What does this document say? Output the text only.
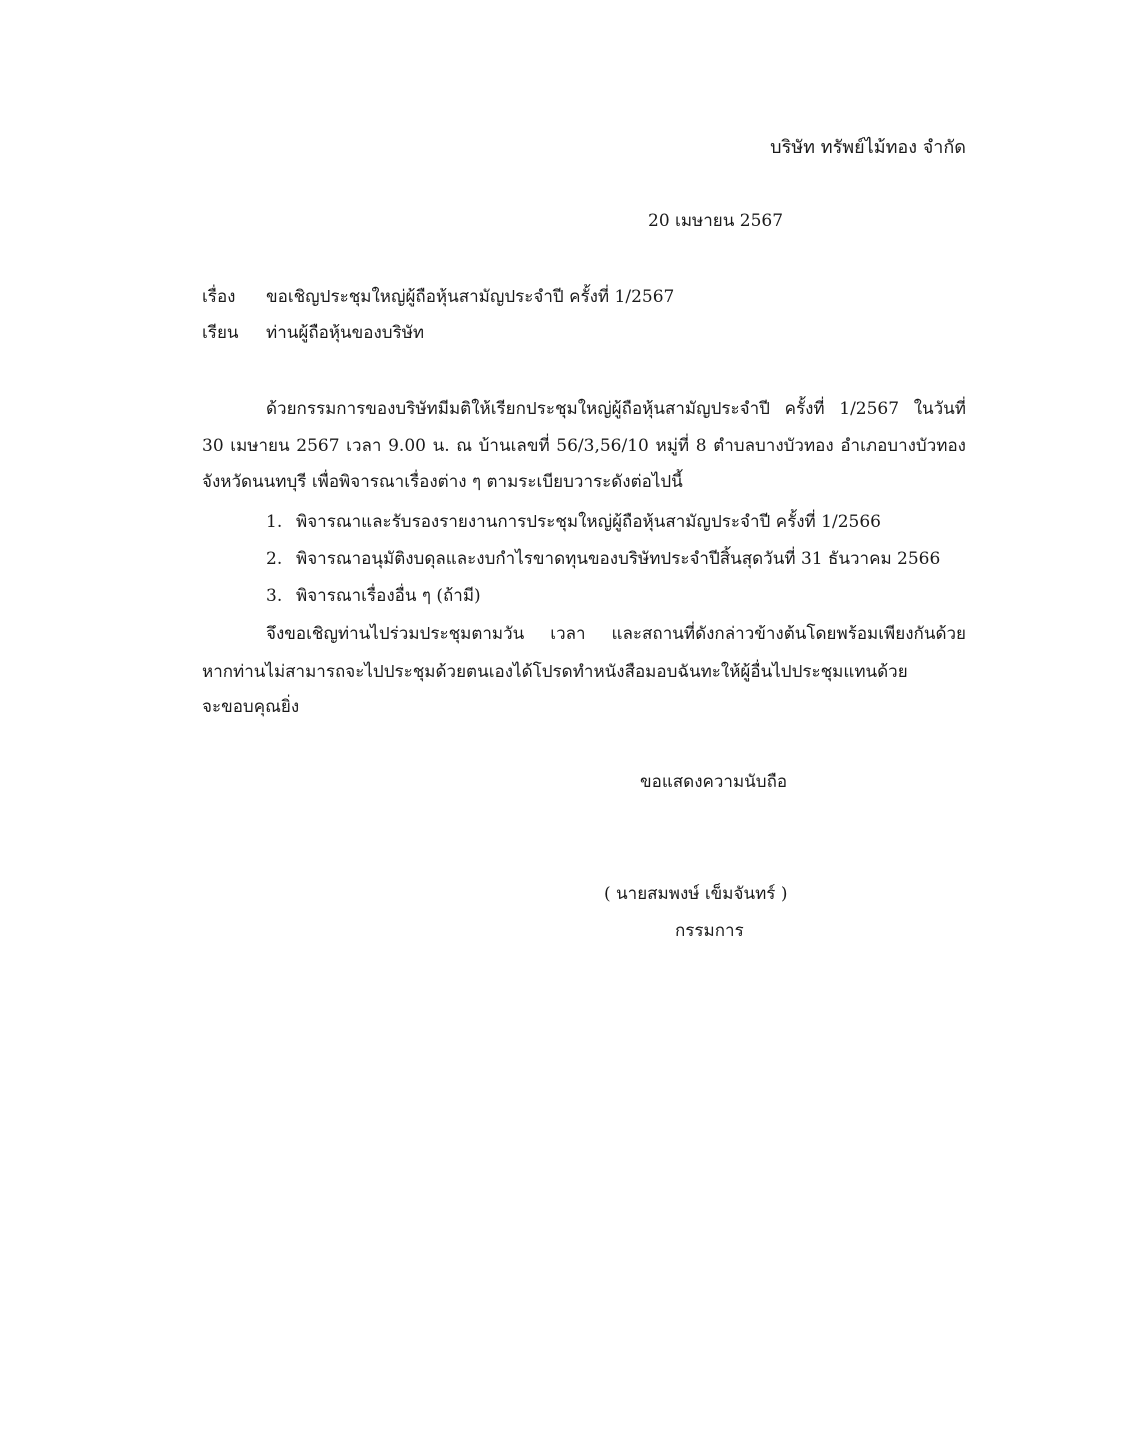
บริษัท ทรัพย์ไม้ทอง จำกัด
20 เมษายน 2567
เรื่อง ขอเชิญประชุมใหญ่ผู้ถือหุ้นสามัญประจำปี ครั้งที่ 1/2567
เรียน ท่านผู้ถือหุ้นของบริษัท
ด้วยกรรมการของบริษัทมีมติให้เรียกประชุมใหญ่ผู้ถือหุ้นสามัญประจำปี ครั้งที่ 1/2567 ในวันที่
30 เมษายน 2567 เวลา 9.00 น. ณ บ้านเลขที่ 56/3,56/10 หมู่ที่ 8 ตำบลบางบัวทอง อำเภอบางบัวทอง
จังหวัดนนทบุรี เพื่อพิจารณาเรื่องต่าง ๆ ตามระเบียบวาระดังต่อไปนี้
1. พิจารณาและรับรองรายงานการประชุมใหญ่ผู้ถือหุ้นสามัญประจำปี ครั้งที่ 1/2566
2. พิจารณาอนุมัติงบดุลและงบกำไรขาดทุนของบริษัทประจำปีสิ้นสุดวันที่ 31 ธันวาคม 2566
3. พิจารณาเรื่องอื่น ๆ (ถ้ามี)
จึงขอเชิญท่านไปร่วมประชุมตามวัน เวลา และสถานที่ดังกล่าวข้างต้นโดยพร้อมเพียงกันด้วย
หากท่านไม่สามารถจะไปประชุมด้วยตนเองได้โปรดทำหนังสือมอบฉันทะให้ผู้อื่นไปประชุมแทนด้วย
จะขอบคุณยิ่ง
ขอแสดงความนับถือ
( นายสมพงษ์ เข็มจันทร์ )
กรรมการ
